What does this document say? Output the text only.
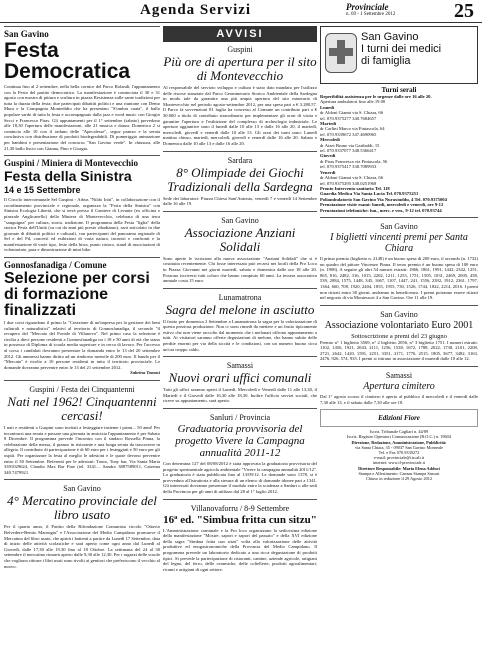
Agenda Servizi	Provinciale
n. 69 - 1 Settembre 2012	25
San Gavino
Festa Democratica
Continua fino al 2 settembre, nella bella cornice del Parco Rolandi, l'appuntamento con la Festa del partito democratico. La manifestazione è cominciata il 30 e 31 agosto con mostra di pittura e scultura in piazza Resistenza sulle sante tradizioni per tutta la durata della festa; due partecipati dibattiti politici e una riunione con Demo Mura e la Compagnia Montedidio che ha presentato "S'umbra cuata", il ballo popolare sardo di tutta la festa e accompagnato dalla jazz e word music con Giorgio Secci e Francesco Piras. Gli appuntamenti per il 1° settembre (sabato) prevedono alle 18,30 l'apertura delle manifestazioni, alle 21 musica e danza. Domenica 2 si comincia alle 10 con il raduno delle "Apecalesse", segue pranzo e la serata conclusiva con distribuzione di prodotti biodegradabili. Di pomeriggio animazione per bambini e presentazione del concorso "San Gavino verde". In chiusura, alle 21,30 ballo liscio con Gianna, Pino e Giorgia.
Guspini / Miniera di Montevecchio
Festa della Sinistra
14 e 15 Settembre
Il Circolo intercomunale Sel Guspini - Arbus "Nildo Iotti", in collaborazione con il coordinamento provinciale e regionale, organizza la "Festa della Sinistra" con Sinistra Ecologia Libertà, che si terrà presso il Cantiere di Levante (ex officina e piazzale Anglicanello) della Miniera di Montevecchio, celebrata di una terra "sanguigna" per cultura, storia, tradizione. Il programma della Festa "figlia" della storica Festa dell'Unità (su cui da anni più presto ribadiamo), sarà articolato in due giornate di dibattiti politici e culturali, con partecipanti del panorama regionale di Sel e del Pd, concerti ed esibizioni di varia natura, incontri e confronti e la manifestazione di varie tipo, feste della birra, punto ristoro, stand di associazioni di volontariato, para e dimostrazione di mini bike.
Gonnosfanadiga / Comune
Selezione per corsi di formazione finalizzati
I due corsi riguardano il primo la "Creazione di un'impresa per la gestione dei beni culturali e naturalistici" relativi al territorio di Gonnosfanadiga, il secondo "il recupero del "Mercato del Portale di Villanova". Nel primo caso la selezione è rivolta a dieci persone residenti a Gonnosfanadiga tra i 18 e 50 anni di età che siano in possesso di Diploma di scuola media superiore e in cerca di lavoro. Per l'accesso al corso i candidati dovranno presentare la domanda entro le 13 del 20 settembre 2012. Gli ammessi hanno diritto ad un rimborso mensile di 200 euro. Il bando per il "Mercato" è rivolto a 10 persone residenti in tutto il territorio provinciale. Le domande dovranno pervenire entro le 13 del 21 settembre 2012.
Sabrina Tomasi
Guspini / Festa dei Cinquantenni
Nati nel 1962! Cinquantenni cercasi!
I nati e residenti a Guspini sono invitati a festeggiare insieme i primi... 50 anni! Per incontrarsi una serata e passare una giornata in amicizia l'appuntamento è per Sabato 8 Dicembre. Il programma prevede l'incontro con il sindaco Rossella Pinna, la celebrazione della messa, il pranzo in ristorante e una lunga serata da trascorrere in allegria. Il contributo di partecipazione è di 60 euro per i festeggiati e 50 euro per gli ospiti. Per organizzare la festa al meglio le adesioni e le quote devono pervenire entro il 30 Settembre. Referenti per le adesioni: Tonio, Tony bar, Via Santa Maria 3391029624, Claudio Max Bar Fine (tel. 3341.... Sandro 3887589011, Caterina 340.7479921.
San Gavino
4° Mercatino provinciale del libro usato
Per il quarto anno, il Partito della Rifondazione Comunista circolo "Ottavio Belvedere-Benito Marongiu" e l'Associazione del Medio Campidano promuove il Mercatino del libro usato, che aprirà i battenti a partire da Lunedì 17 Settembre, data di inizio delle attività scolastiche e sarà aperto come ogni anno dal Lunedì al Giovedì, dalle 17,30 alle 19,30 fino al 18 Ottobre. La settimana del 24 al 30 settembre il mercatino rimarrà aperto dalle 9,30 alle 12,30. Per i ragazzi delle scuole che vogliono ritirare i libri usati sono rivolti ai genitori che preferiscono il vecchio al nuovo.
AVVISI
Guspini
Più ore di apertura per il sito di Montevecchio
Al responsabile del servizio sviluppo e cultura è stato dato mandato per l'utilizzo delle risorse stanziate dal Parco Geominerario Storico Ambientale della Sardegna in modo tale da garantire una più ampia apertura del sito minerario di Montevecchio nel periodo agosto-settembre 2012, per una spesa pari a € 3.280,57. Il Parco fa sovvenzioni 81 luglio ha concesso al Comune un contributo pari a € 30.000 a titolo di contributo straordinario per implementare gli orari di visita e garantire l'apertura e l'esibizione del complesso di archeologia industriale. Le aperture aggiuntive sono il lunedì dalle 10 alle 13 e dalle 16 alle 20, il martedì, mercoledì, giovedì e venerdì dalle 10 alle 13. Gli orari dei turni sono: Lunedì mattina chiuso, martedì, mercoledì, giovedì e venerdì dalle 16 alle 20. Sabato e Domenica dalle 10 alle 13 e dalle 16 alle 20.
Sardara
8° Olimpiade dei Giochi Tradizionali della Sardegna
Sede dei laboratori: Piazza Chiesa Sant'Antonio, venerdì 7 e venerdì 14 Settembre dalle 16 alle 19.
San Gavino
Associazione Anziani Solidali
Sono aperte le iscrizioni alla nuova associazione "Anziani Solidali" che si è costituita recentemente. Chi fosse interessato può recarsi nei locali della Pro Loco in Piazza Giovanni nei giorni martedì, sabato e domenica dalle ore 18 alle 20. Possono iscriversi tutti coloro che hanno compiuto 60 anni. La tessera associativa annuale costa 15 euro.
Lunamatrona
Sagra del melone in asciutto
Il frutto per domenica 2 Settembre a Lunamatrona la sagra per la valorizzazione di questa preziosa produzione. Non ci sono rimedi da mettere e un frutto tipicamente estivo che non viene raccolto dal momento che i melonari offrono appuntamento a tutti. Ai visitatori saranno offerte degustazioni di melone, che hanno subito delle perdite enormi per via della siccità e le condizioni, con un numero buono circa un'ora troppo caldo.
Samassi
Nuovi orari uffici comunali
Tutti gli uffici saranno aperti il Lunedì, Mercoledì e Venerdì dalle 11 alle 13,30, il Martedì e il Giovedì dalle 16,30 alle 18,30. Inoltre l'ufficio servizi sociali, che riceve su appuntamento, sarà aperto.
Sanluri / Provincia
Graduatoria provvisoria del progetto Vivere la Campagna annualità 2011-12
Con determina 127 del 08/08/2012 è stata approvata la graduatoria provvisoria del progetto sperimentale agricolo ambientale "Vivere la campagna annualità 2011/12". La graduatoria è stata pubblicata fino al 13/09/12. Le domande sono 1378, si è provveduto all'istruttoria e alla stesura di un elenco di domande idonee pari a 1341. Gli interessati dovranno presentare il modulo entro la scadenza a Sanluri o alle sedi della Provincia per gli anni di utilizzo dal 28 al 1° luglio 2012.
Villanovaforru / 8-9 Settembre
16ª ed. "Simbua fritta cun sitzu"
L'Amministrazione comunale e la Pro loco organizzano la sedicesima edizione della manifestazione "Mostre, sapori e sapori del passato" e della XVI edizione della sagra "Simbua fritta cun sitzu" volta alla valorizzazione delle attività produttive ed enogastronomiche della Provincia del Medio Campidano. Il programma prevede un laboratorio dedicato a una ricca degustazione di prodotti tipici. Si prevede la partecipazione di ristoranti, cantine, aziende agricole, artigiani del legno, del ferro, delle ceramiche, delle coltellerie, prodotti agroalimentari, ricami e artigiani di ogni settore.
San Gavino
I turni dei medici
di famiglia
Turni serali
Reperibilità assistenza per le urgenze dalle ore 16 alle 20.
Apertura ambulatori fino alle 19.00
Lunedì
dr Aldoni Gianni via S. Chiara, 66
tel. 070.9375277 340.7684657
Martedì
dr Carlini Marco via Finiascola, 64
tel. 070.9339672 347.4690965
Mercoledì
dr Atzei Bruno via Garibaldi, 15
tel. 070.9337077 348.5366417
Giovedì
dr Piras Francesca via Finiascola, 56
tel. 070.9375417 338.7089933
Venerdì
dr Aldoni Gianni via S. Chiara, 66
tel. 070.9375295 348.0251968
Pronto Intervento sanitario Tel. 118
Guardia Medica Via Santa Lucia Tel. 070.9375251
Poliambulatorio San Gavino Via Nuraxiuddu, 4 Tel. 070.9375004
Prenotazione visite esami: lunedì, mercoledì e venerdì, ore 9-12
Prenotazioni telefoniche: lun., merc. e ven., 9-12 tel. 070.93744
San Gavino
I biglietti vincenti premi per Santa Chiara
Il primo premio (biglietto n. 2148) è un buono spesa di 200 euro, il secondo (n. 1732) un quadro del pittore Vincenzo Pinna. Il terzo premio è un buono spesa di 100 euro (n. 1906). A seguire gli altri 54 numeri estratti: 1866, 1861, 1991, 1442, 2342, 1251, 865, 816, 2482, 316, 1015, 2202, 1211, 1253, 1751, 1505, 1031, 2469, 2005, 458, 539, 2084, 1575, 1448, 345, 1667, 1107, 1447, 241, 1556, 2392, 1912, 2361, 1797, 1364, 660, 708, 1920, 2404, 1855, 1955, 730, 1526, 1744, 1822, 2214, 2016. I premi non ritirati entro 30 giorni, andranno in beneficenza. I premi potranno essere ritirati nel negozio di via Montessori 4 a San Gavino. Ore 11 alle 19.
San Gavino
Associazione volontariato Euro 2001
Sottoscrizione a premi del 23 giugno
Premio n° 1 biglietto 3569, n° 2 biglietto 2056, n° 3 biglietto 1751. I numeri estratti: 1102, 1456, 1921, 2043, 2111, 1256, 1538, 1672, 1788, 2022, 1738, 2101, 2208, 2721, 2642, 1420, 1591, 2251, 3351, 3171, 1776, 2515, 1805, 3677, 3482, 3163, 2476, 926, 574, 935. I premi si ritirano in associazione il martedì dalle 10 alle 12.
Samassi
Apertura cimitero
Dal 1° agosto scorso il cimitero è aperto al pubblico il mercoledì e il venerdì dalle 7,30 alle 13, e il sabato dalle 7,30 alle ore 18.
Edizioni Fiore
Iscriz. Tribunale Cagliari n. 44/89
Iscriz. Registro Operatori Comunicazione (R.O.C.) n. 19604
Direzione, Redazione, Amministrazione, Pubblicità:
via Santa Chiara, 35 - 09037 San Gavino Monreale
Tel. e Fax 070.9339272
e-mail: provinciale@tiscali.it
internet: www.il-provinciale.it
Direttore Responsabile: Maria Elena Adduci
Stampa e Allestimento: Cannas Stampa Sassari
Chiuso in redazione il 29 Agosto 2012
